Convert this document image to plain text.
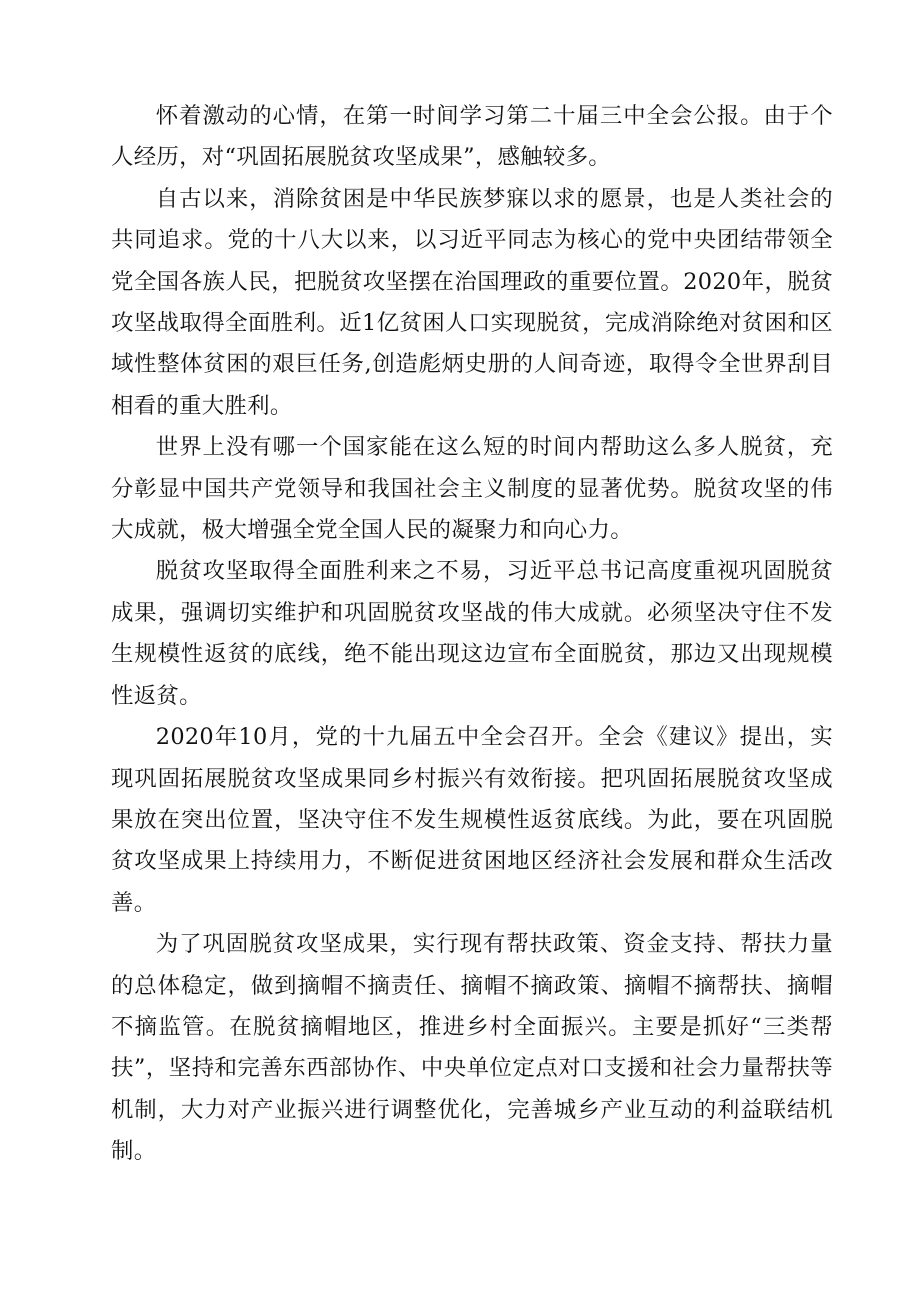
怀着激动的心情，在第一时间学习第二十届三中全会公报。由于个人经历，对“巩固拓展脱贫攻坚成果”，感触较多。

自古以来，消除贫困是中华民族梦寐以求的愿景，也是人类社会的共同追求。党的十八大以来，以习近平同志为核心的党中央团结带领全党全国各族人民，把脱贫攻坚摆在治国理政的重要位置。2020年，脱贫攻坚战取得全面胜利。近1亿贫困人口实现脱贫，完成消除绝对贫困和区域性整体贫困的艰巨任务,创造彪炳史册的人间奇迹，取得令全世界刮目相看的重大胜利。

世界上没有哪一个国家能在这么短的时间内帮助这么多人脱贫，充分彰显中国共产党领导和我国社会主义制度的显著优势。脱贫攻坚的伟大成就，极大增强全党全国人民的凝聚力和向心力。

脱贫攻坚取得全面胜利来之不易，习近平总书记高度重视巩固脱贫成果，强调切实维护和巩固脱贫攻坚战的伟大成就。必须坚决守住不发生规模性返贫的底线，绝不能出现这边宣布全面脱贫，那边又出现规模性返贫。

2020年10月，党的十九届五中全会召开。全会《建议》提出，实现巩固拓展脱贫攻坚成果同乡村振兴有效衔接。把巩固拓展脱贫攻坚成果放在突出位置，坚决守住不发生规模性返贫底线。为此，要在巩固脱贫攻坚成果上持续用力，不断促进贫困地区经济社会发展和群众生活改善。

为了巩固脱贫攻坚成果，实行现有帮扶政策、资金支持、帮扶力量的总体稳定，做到摘帽不摘责任、摘帽不摘政策、摘帽不摘帮扶、摘帽不摘监管。在脱贫摘帽地区，推进乡村全面振兴。主要是抓好“三类帮扶”，坚持和完善东西部协作、中央单位定点对口支援和社会力量帮扶等机制，大力对产业振兴进行调整优化，完善城乡产业互动的利益联结机制。
